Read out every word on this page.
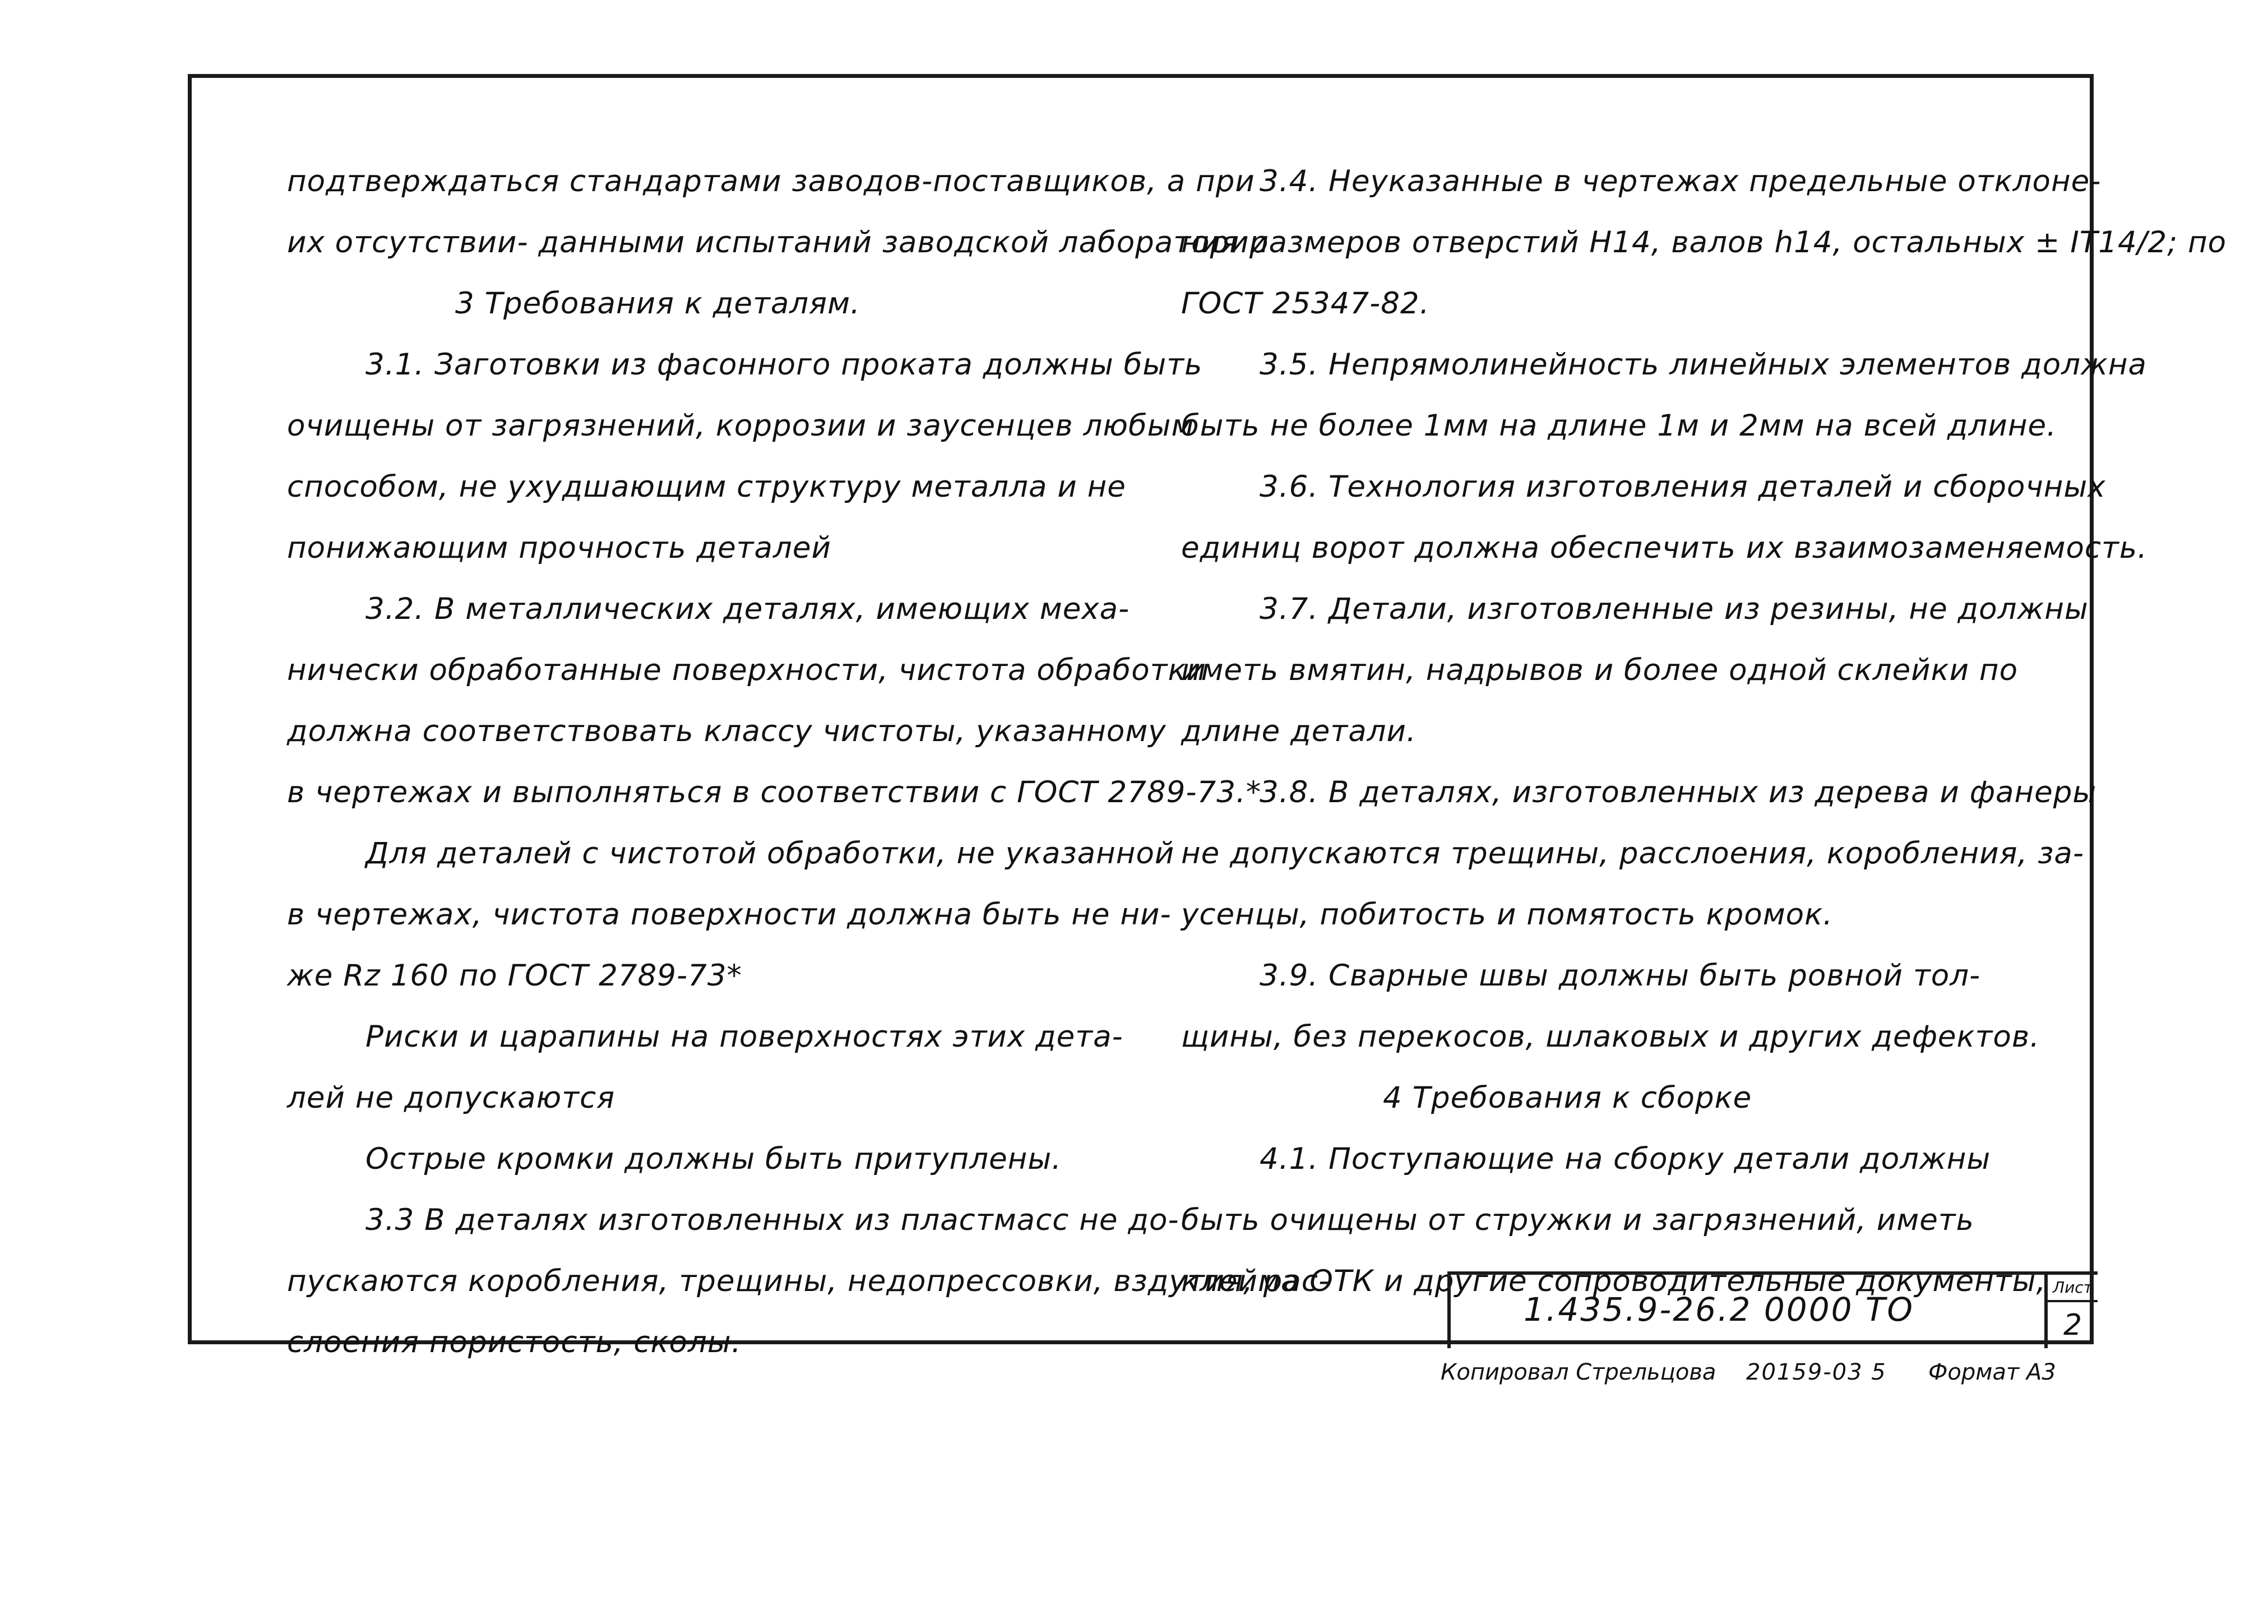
подтверждаться стандартами заводов-поставщиков, а при
их отсутствии- данными испытаний заводской лаборатории
3 Требования к деталям.
3.1. Заготовки из фасонного проката должны быть
очищены от загрязнений, коррозии и заусенцев любым
способом, не ухудшающим структуру металла и не
понижающим прочность деталей
3.2. В металлических деталях, имеющих меха-
нически обработанные поверхности, чистота обработки
должна соответствовать классу чистоты, указанному
в чертежах и выполняться в соответствии с ГОСТ 2789-73.*
Для деталей с чистотой обработки, не указанной
в чертежах, чистота поверхности должна быть не ни-
же Rz 160 по ГОСТ 2789-73*
Риски и царапины на поверхностях этих дета-
лей не допускаются
Острые кромки должны быть притуплены.
3.3 В деталях изготовленных из пластмасс не до-
пускаются коробления, трещины, недопрессовки, вздутия, рас-
слоения пористость, сколы.
3.4. Неуказанные в чертежах предельные отклоне-
ния размеров отверстий Н14, валов h14, остальных ± IT14/2; по
ГОСТ 25347-82.
3.5. Непрямолинейность линейных элементов должна
быть не более 1мм на длине 1м и 2мм на всей длине.
3.6. Технология изготовления деталей и сборочных
единиц ворот должна обеспечить их взаимозаменяемость.
3.7. Детали, изготовленные из резины, не должны
иметь вмятин, надрывов и более одной склейки по
длине детали.
3.8. В деталях, изготовленных из дерева и фанеры
не допускаются трещины, расслоения, коробления, за-
усенцы, побитость и помятость кромок.
3.9. Сварные швы должны быть ровной тол-
щины, без перекосов, шлаковых и других дефектов.
4 Требования к сборке
4.1. Поступающие на сборку детали должны
быть очищены от стружки и загрязнений, иметь
клейма ОТК и другие сопроводительные документы,
1.435.9-26.2 0000 ТО
Лист
2
Копировал Стрельцова 20159-03 5 Формат А3
